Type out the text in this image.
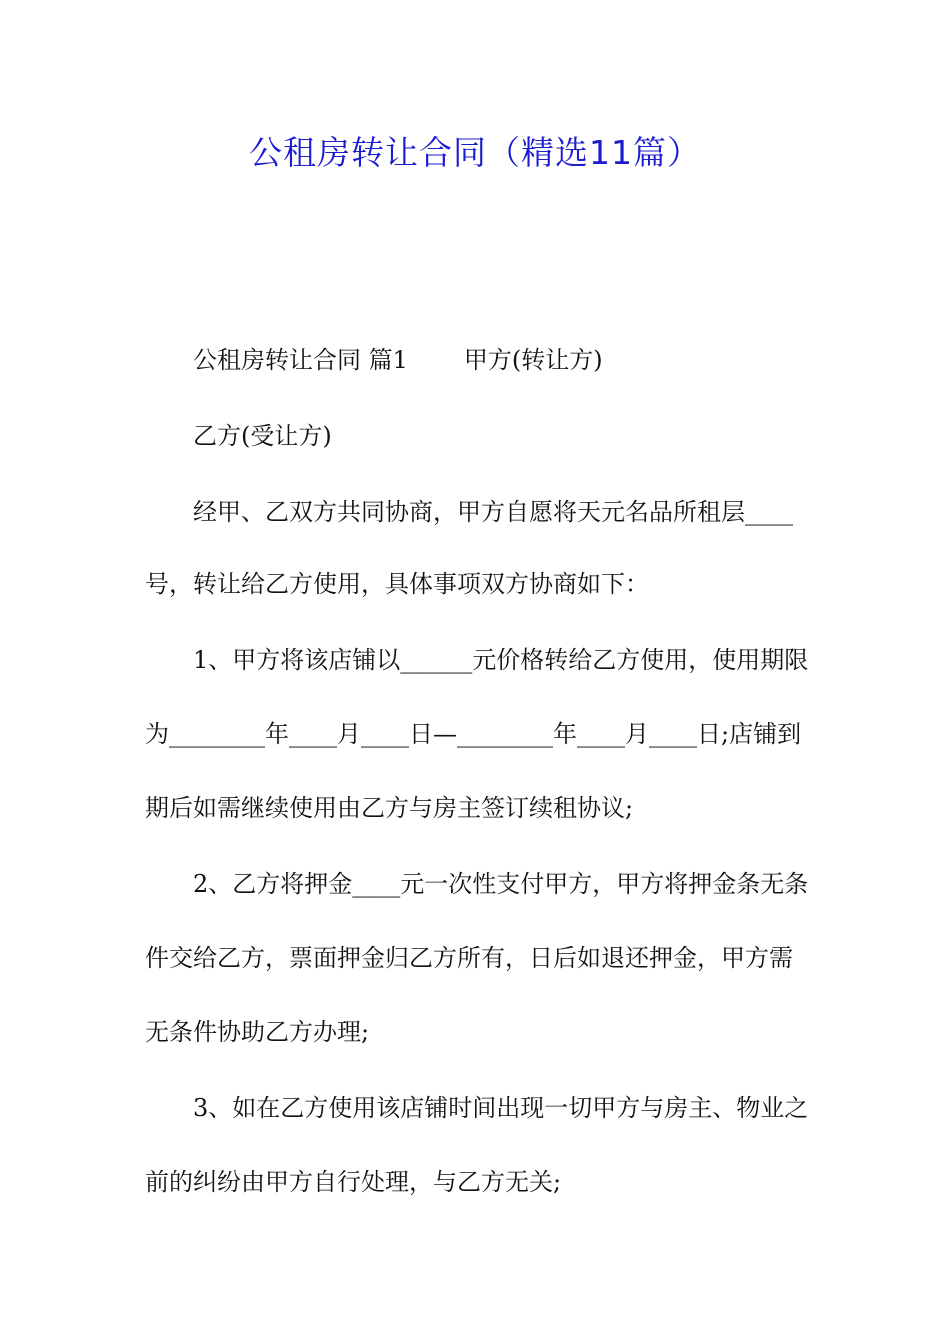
公租房转让合同（精选11篇）
公租房转让合同 篇1 甲方(转让方)
乙方(受让方)
经甲、乙双方共同协商，甲方自愿将天元名品所租层____
号，转让给乙方使用，具体事项双方协商如下：
1、甲方将该店铺以______元价格转给乙方使用，使用期限
为________年____月____日—________年____月____日;店铺到
期后如需继续使用由乙方与房主签订续租协议;
2、乙方将押金____元一次性支付甲方，甲方将押金条无条
件交给乙方，票面押金归乙方所有，日后如退还押金，甲方需
无条件协助乙方办理;
3、如在乙方使用该店铺时间出现一切甲方与房主、物业之
前的纠纷由甲方自行处理，与乙方无关;
